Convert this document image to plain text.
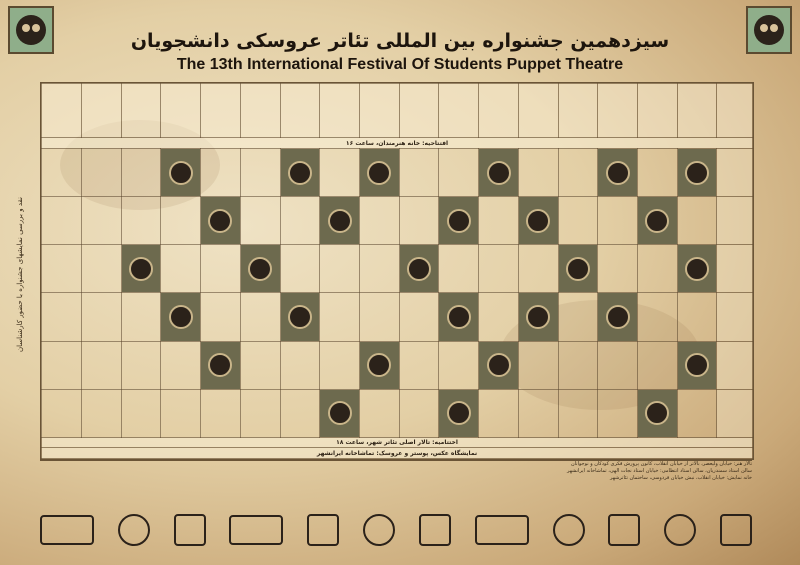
سیزدهمین جشنواره بین المللی تئاتر عروسکی دانشجویان
The 13th International Festival Of Students Puppet Theatre
نقد و بررسی نمایشهای جشنواره با حضور کارشناسان

افتتاحیه: خانه هنرمندان، ساعت ۱۶																	

اختتامیه: تالار اصلی تئاتر شهر، ساعت ۱۸																	
نمایشگاه عکس، پوستر و عروسک: تماشاخانه ایرانشهر																	
تالار هنر: خیابان ولیعصر، بالاتر از خیابان انقلاب، کانون پرورش فکری کودکان و نوجوانان
سالن استاد سمندریان، سالن استاد انتظامی: خیابان استاد نجات الهی، تماشاخانه ایرانشهر
خانه نمایش: خیابان انقلاب، نبش خیابان فردوسی، ساختمان تئاترشهر
